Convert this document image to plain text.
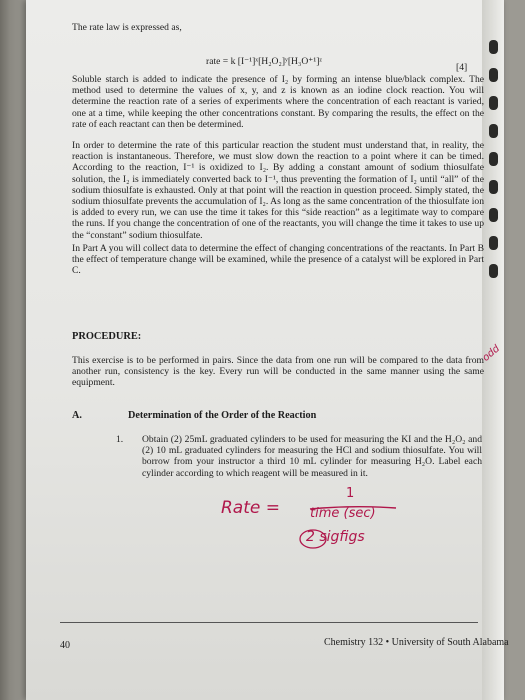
The rate law is expressed as,

rate = k [I⁻¹]ˣ[H₂O₂]ʸ[H₃O⁺¹]ᶻ
[4]

Soluble starch is added to indicate the presence of I₂ by forming an intense blue/black complex. The method used to determine the values of x, y, and z is known as an iodine clock reaction. You will determine the reaction rate of a series of experiments where the concentration of each reactant is varied, one at a time, while keeping the other concentrations constant. By comparing the results, the effect on the rate of each reactant can then be determined.

In order to determine the rate of this particular reaction the student must understand that, in reality, the reaction is instantaneous. Therefore, we must slow down the reaction to a point where it can be timed. According to the reaction, I⁻¹ is oxidized to I₂. By adding a constant amount of sodium thiosulfate solution, the I₂ is immediately converted back to I⁻¹, thus preventing the formation of I₂ until “all” of the sodium thiosulfate is exhausted. Only at that point will the reaction in question proceed. Simply stated, the sodium thiosulfate prevents the accumulation of I₂. As long as the same concentration of the thiosulfate ion is added to every run, we can use the time it takes for this “side reaction” as a legitimate way to compare the runs. If you change the concentration of one of the reactants, you will change the time it takes to use up the “constant” sodium thiosulfate.

In Part A you will collect data to determine the effect of changing concentrations of the reactants. In Part B the effect of temperature change will be examined, while the presence of a catalyst will be explored in Part C.

PROCEDURE:

This exercise is to be performed in pairs. Since the data from one run will be compared to the data from another run, consistency is the key. Every run will be conducted in the same manner using the same equipment.

A.	Determination of the Order of the Reaction
1. Obtain (2) 25mL graduated cylinders to be used for measuring the KI and the H₂O₂ and (2) 10 mL graduated cylinders for measuring the HCl and sodium thiosulfate. You will borrow from your instructor a third 10 mL cylinder for measuring H₂O. Label each cylinder according to which reagent will be measured in it.

odd
Rate =
1
time (sec)
2 sigfigs
40	Chemistry 132 • University of South Alabama
